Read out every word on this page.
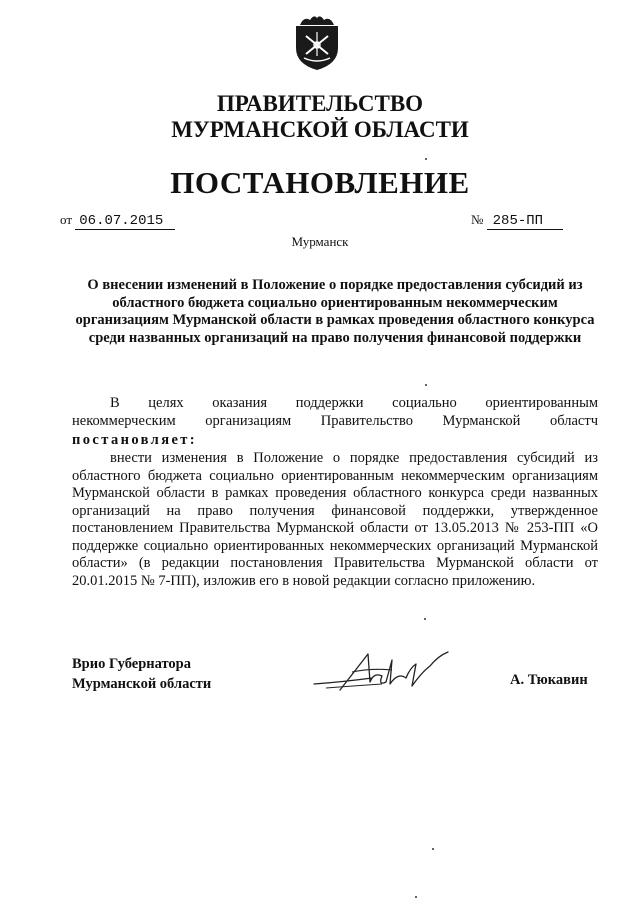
ПРАВИТЕЛЬСТВО
МУРМАНСКОЙ ОБЛАСТИ
ПОСТАНОВЛЕНИЕ
от 06.07.2015	№ 285-ПП
Мурманск
О внесении изменений в Положение о порядке предоставления субсидий из областного бюджета социально ориентированным некоммерческим организациям Мурманской области в рамках проведения областного конкурса среди названных организаций на право получения финансовой поддержки
В целях оказания поддержки социально ориентированным
некоммерческим организациям Правительство Мурманской областч
постановляет:
внести изменения в Положение о порядке предоставления субсидий из областного бюджета социально ориентированным некоммерческим организациям Мурманской области в рамках проведения областного конкурса среди названных организаций на право получения финансовой поддержки, утвержденное постановлением Правительства Мурманской области от 13.05.2013 № 253-ПП «О поддержке социально ориентированных некоммерческих организаций Мурманской области» (в редакции постановления Правительства Мурманской области от 20.01.2015 № 7-ПП), изложив его в новой редакции согласно приложению.
Врио Губернатора
Мурманской области	А. Тюкавин
